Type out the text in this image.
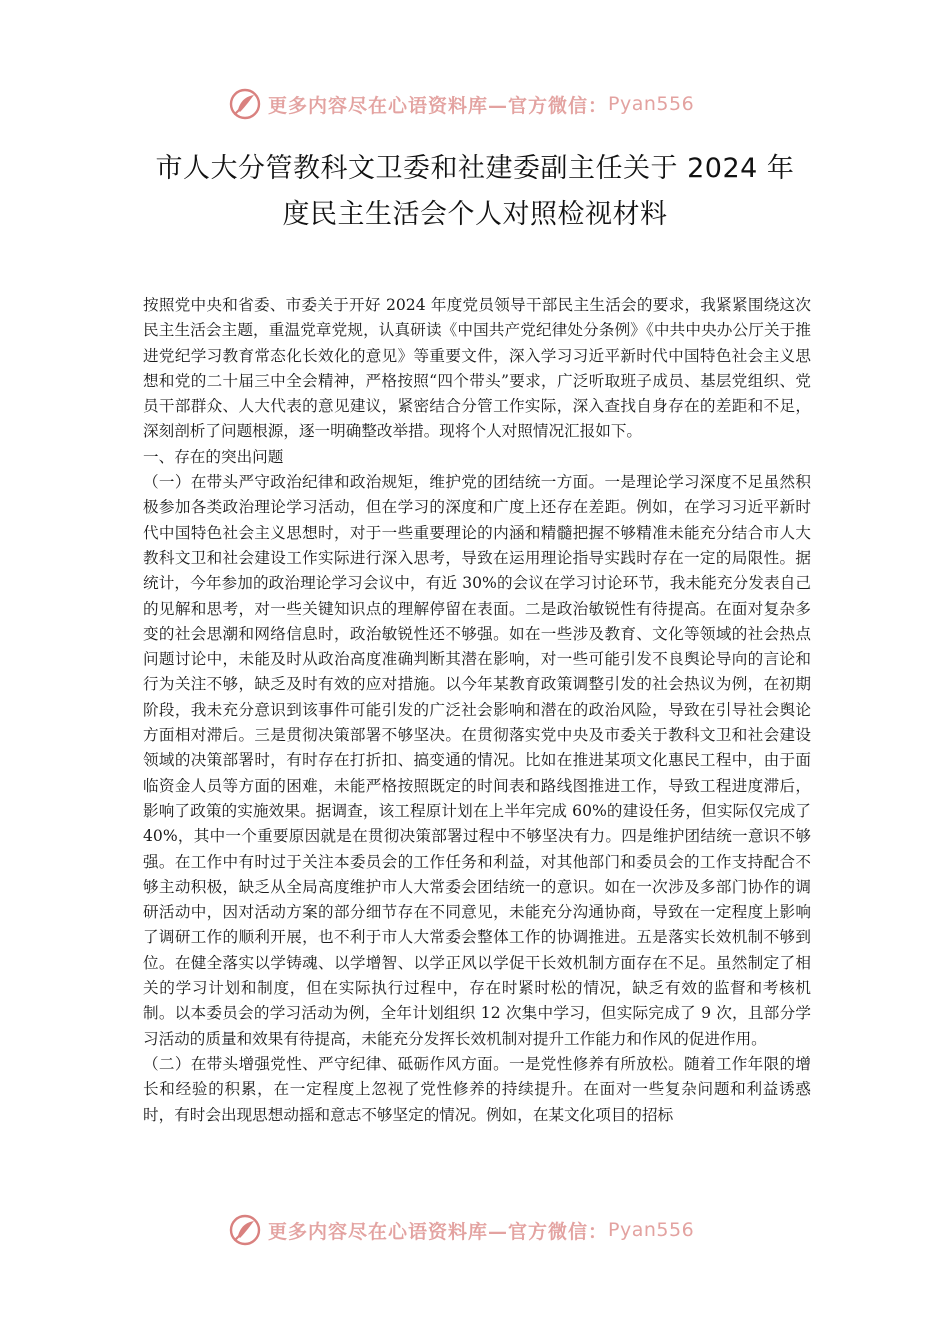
更多内容尽在心语资料库—官方微信： Pyan556
市人大分管教科文卫委和社建委副主任关于 2024 年
度民主生活会个人对照检视材料

按照党中央和省委、市委关于开好 2024 年度党员领导干部民主生活会的要求，我紧紧围绕这次民主生活会主题，重温党章党规，认真研读《中国共产党纪律处分条例》《中共中央办公厅关于推进党纪学习教育常态化长效化的意见》等重要文件，深入学习习近平新时代中国特色社会主义思想和党的二十届三中全会精神，严格按照“四个带头”要求，广泛听取班子成员、基层党组织、党员干部群众、人大代表的意见建议，紧密结合分管工作实际，深入查找自身存在的差距和不足，深刻剖析了问题根源，逐一明确整改举措。现将个人对照情况汇报如下。

一、存在的突出问题

（一）在带头严守政治纪律和政治规矩，维护党的团结统一方面。一是理论学习深度不足虽然积极参加各类政治理论学习活动，但在学习的深度和广度上还存在差距。例如，在学习习近平新时代中国特色社会主义思想时，对于一些重要理论的内涵和精髓把握不够精准未能充分结合市人大教科文卫和社会建设工作实际进行深入思考，导致在运用理论指导实践时存在一定的局限性。据统计，今年参加的政治理论学习会议中，有近 30%的会议在学习讨论环节，我未能充分发表自己的见解和思考，对一些关键知识点的理解停留在表面。二是政治敏锐性有待提高。在面对复杂多变的社会思潮和网络信息时，政治敏锐性还不够强。如在一些涉及教育、文化等领域的社会热点问题讨论中，未能及时从政治高度准确判断其潜在影响，对一些可能引发不良舆论导向的言论和行为关注不够，缺乏及时有效的应对措施。以今年某教育政策调整引发的社会热议为例，在初期阶段，我未充分意识到该事件可能引发的广泛社会影响和潜在的政治风险，导致在引导社会舆论方面相对滞后。三是贯彻决策部署不够坚决。在贯彻落实党中央及市委关于教科文卫和社会建设领域的决策部署时，有时存在打折扣、搞变通的情况。比如在推进某项文化惠民工程中，由于面临资金人员等方面的困难，未能严格按照既定的时间表和路线图推进工作，导致工程进度滞后，影响了政策的实施效果。据调查，该工程原计划在上半年完成 60%的建设任务，但实际仅完成了 40%，其中一个重要原因就是在贯彻决策部署过程中不够坚决有力。四是维护团结统一意识不够强。在工作中有时过于关注本委员会的工作任务和利益，对其他部门和委员会的工作支持配合不够主动积极，缺乏从全局高度维护市人大常委会团结统一的意识。如在一次涉及多部门协作的调研活动中，因对活动方案的部分细节存在不同意见，未能充分沟通协商，导致在一定程度上影响了调研工作的顺利开展，也不利于市人大常委会整体工作的协调推进。五是落实长效机制不够到位。在健全落实以学铸魂、以学增智、以学正风以学促干长效机制方面存在不足。虽然制定了相关的学习计划和制度，但在实际执行过程中，存在时紧时松的情况，缺乏有效的监督和考核机制。以本委员会的学习活动为例，全年计划组织 12 次集中学习，但实际完成了 9 次，且部分学习活动的质量和效果有待提高，未能充分发挥长效机制对提升工作能力和作风的促进作用。

（二）在带头增强党性、严守纪律、砥砺作风方面。一是党性修养有所放松。随着工作年限的增长和经验的积累，在一定程度上忽视了党性修养的持续提升。在面对一些复杂问题和利益诱惑时，有时会出现思想动摇和意志不够坚定的情况。例如，在某文化项目的招标

更多内容尽在心语资料库—官方微信： Pyan556
